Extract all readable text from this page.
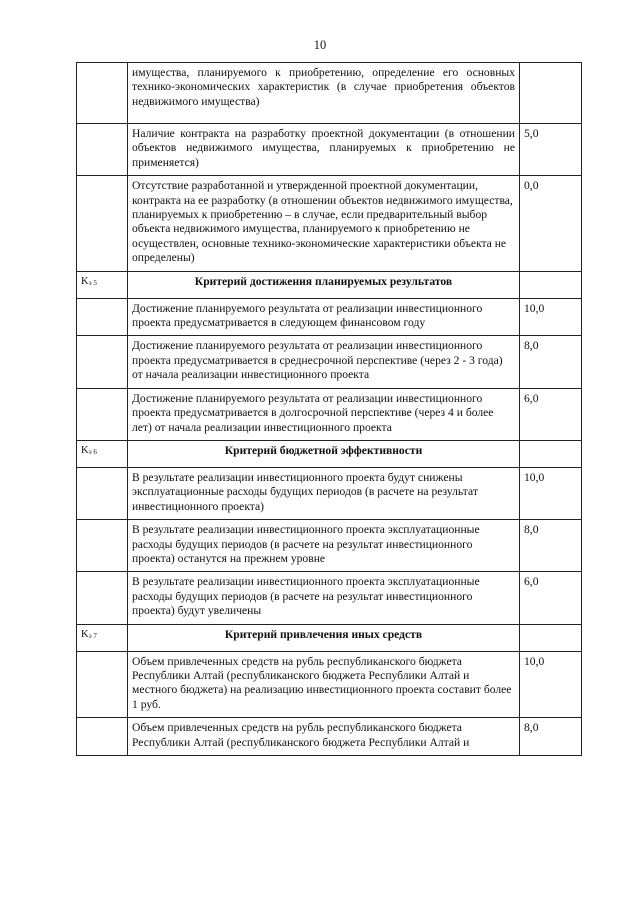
10
	имущества, планируемого к приобретению, определение его основных технико-экономических характеристик (в случае приобретения объектов недвижимого имущества)	
	Наличие контракта на разработку проектной документации (в отношении объектов недвижимого имущества, планируемых к приобретению не применяется)	5,0
	Отсутствие разработанной и утвержденной проектной документации, контракта на ее разработку (в отношении объектов недвижимого имущества, планируемых к приобретению – в случае, если предварительный выбор объекта недвижимого имущества, планируемого к приобретению не осуществлен, основные технико-экономические характеристики объекта не определены)	0,0
$K_{э 5}$	Критерий достижения планируемых результатов	
	Достижение планируемого результата от реализации инвестиционного проекта предусматривается в следующем финансовом году	10,0
	Достижение планируемого результата от реализации инвестиционного проекта предусматривается в среднесрочной перспективе (через 2 - 3 года) от начала реализации инвестиционного проекта	8,0
	Достижение планируемого результата от реализации инвестиционного проекта предусматривается в долгосрочной перспективе (через 4 и более лет) от начала реализации инвестиционного проекта	6,0
$K_{э 6}$	Критерий бюджетной эффективности	
	В результате реализации инвестиционного проекта будут снижены эксплуатационные расходы будущих периодов (в расчете на результат инвестиционного проекта)	10,0
	В результате реализации инвестиционного проекта эксплуатационные расходы будущих периодов (в расчете на результат инвестиционного проекта) останутся на прежнем уровне	8,0
	В результате реализации инвестиционного проекта эксплуатационные расходы будущих периодов (в расчете на результат инвестиционного проекта) будут увеличены	6,0
$K_{э 7}$	Критерий привлечения иных средств	
	Объем привлеченных средств на рубль республиканского бюджета Республики Алтай (республиканского бюджета Республики Алтай и местного бюджета) на реализацию инвестиционного проекта составит более 1 руб.	10,0
	Объем привлеченных средств на рубль республиканского бюджета Республики Алтай (республиканского бюджета Республики Алтай и	8,0
